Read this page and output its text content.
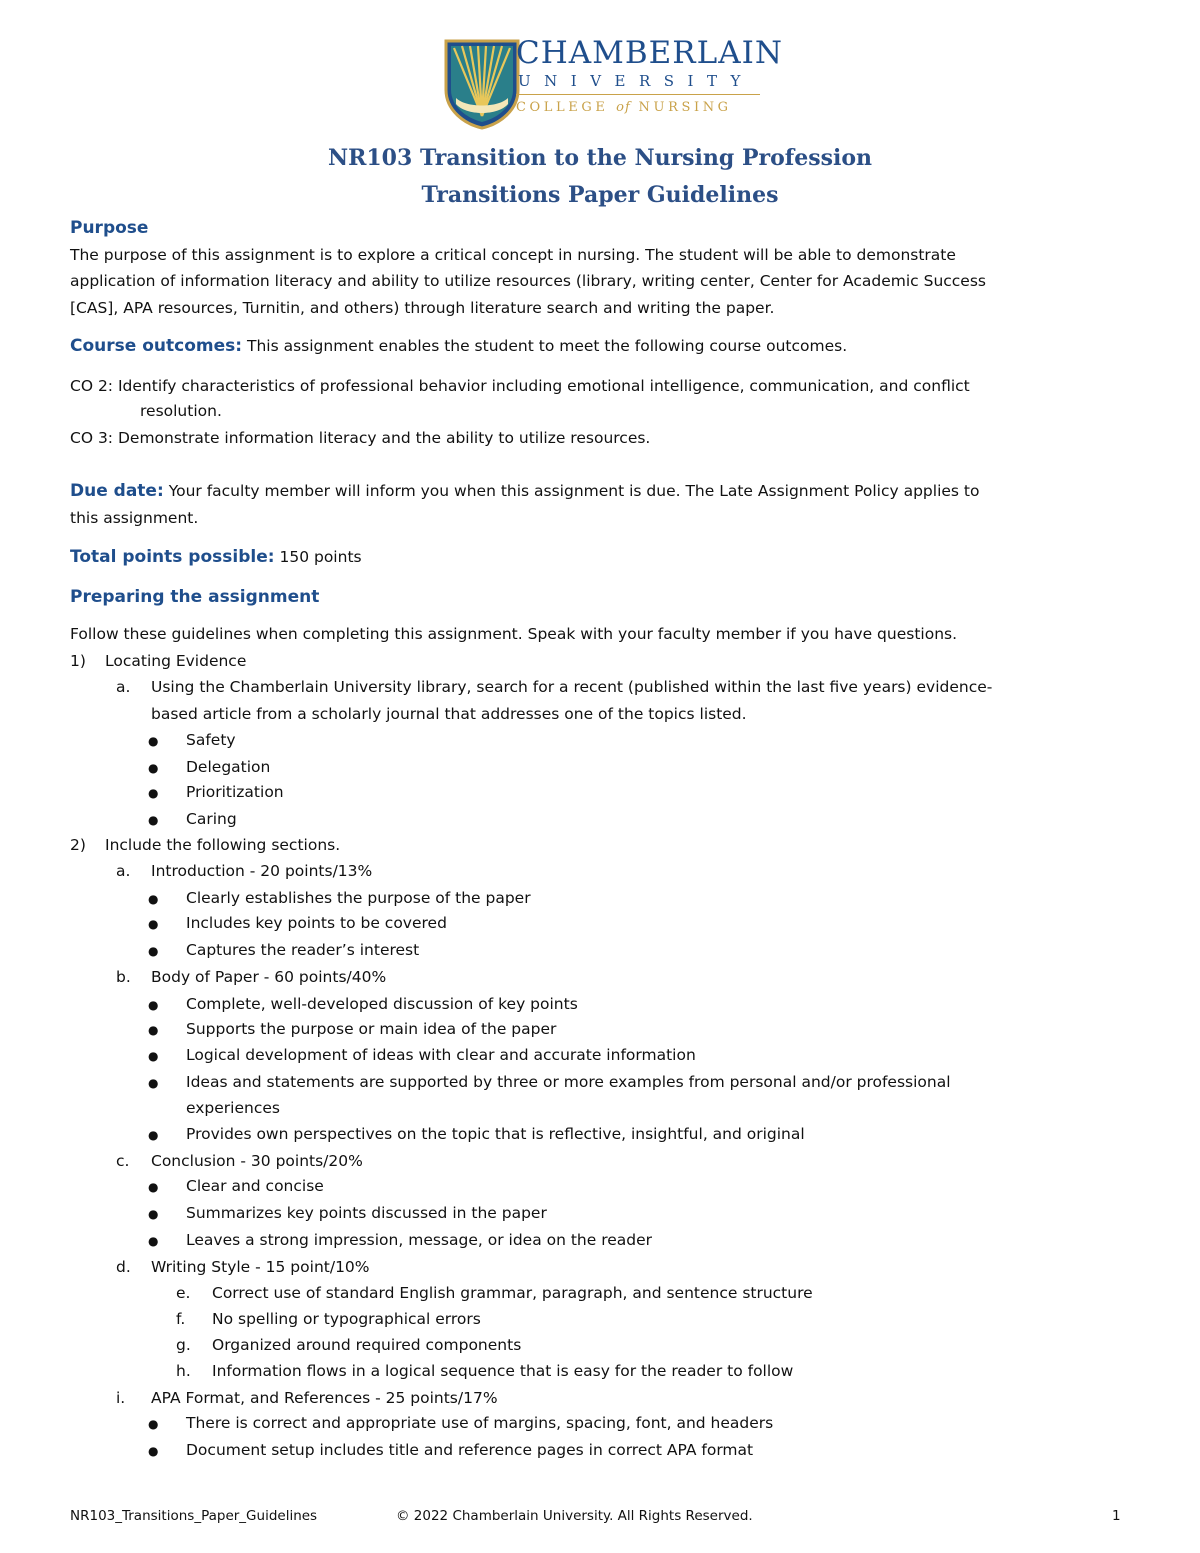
CHAMBERLAIN
UNIVERSITY
COLLEGE of NURSING
NR103 Transition to the Nursing Profession
Transitions Paper Guidelines
Purpose
The purpose of this assignment is to explore a critical concept in nursing. The student will be able to demonstrate
application of information literacy and ability to utilize resources (library, writing center, Center for Academic Success
[CAS], APA resources, Turnitin, and others) through literature search and writing the paper.
Course outcomes: This assignment enables the student to meet the following course outcomes.
CO 2: Identify characteristics of professional behavior including emotional intelligence, communication, and conflict
resolution.
CO 3: Demonstrate information literacy and the ability to utilize resources.
Due date: Your faculty member will inform you when this assignment is due. The Late Assignment Policy applies to
this assignment.
Total points possible: 150 points
Preparing the assignment
Follow these guidelines when completing this assignment. Speak with your faculty member if you have questions.
1) Locating Evidence
a. Using the Chamberlain University library, search for a recent (published within the last five years) evidence-
based article from a scholarly journal that addresses one of the topics listed.
● Safety
● Delegation
● Prioritization
● Caring
2) Include the following sections.
a. Introduction - 20 points/13%
● Clearly establishes the purpose of the paper
● Includes key points to be covered
● Captures the reader’s interest
b. Body of Paper - 60 points/40%
● Complete, well-developed discussion of key points
● Supports the purpose or main idea of the paper
● Logical development of ideas with clear and accurate information
● Ideas and statements are supported by three or more examples from personal and/or professional
experiences
● Provides own perspectives on the topic that is reflective, insightful, and original
c. Conclusion - 30 points/20%
● Clear and concise
● Summarizes key points discussed in the paper
● Leaves a strong impression, message, or idea on the reader
d. Writing Style - 15 point/10%
e. Correct use of standard English grammar, paragraph, and sentence structure
f. No spelling or typographical errors
g. Organized around required components
h. Information flows in a logical sequence that is easy for the reader to follow
i. APA Format, and References - 25 points/17%
● There is correct and appropriate use of margins, spacing, font, and headers
● Document setup includes title and reference pages in correct APA format
NR103_Transitions_Paper_Guidelines	© 2022 Chamberlain University. All Rights Reserved.	1
